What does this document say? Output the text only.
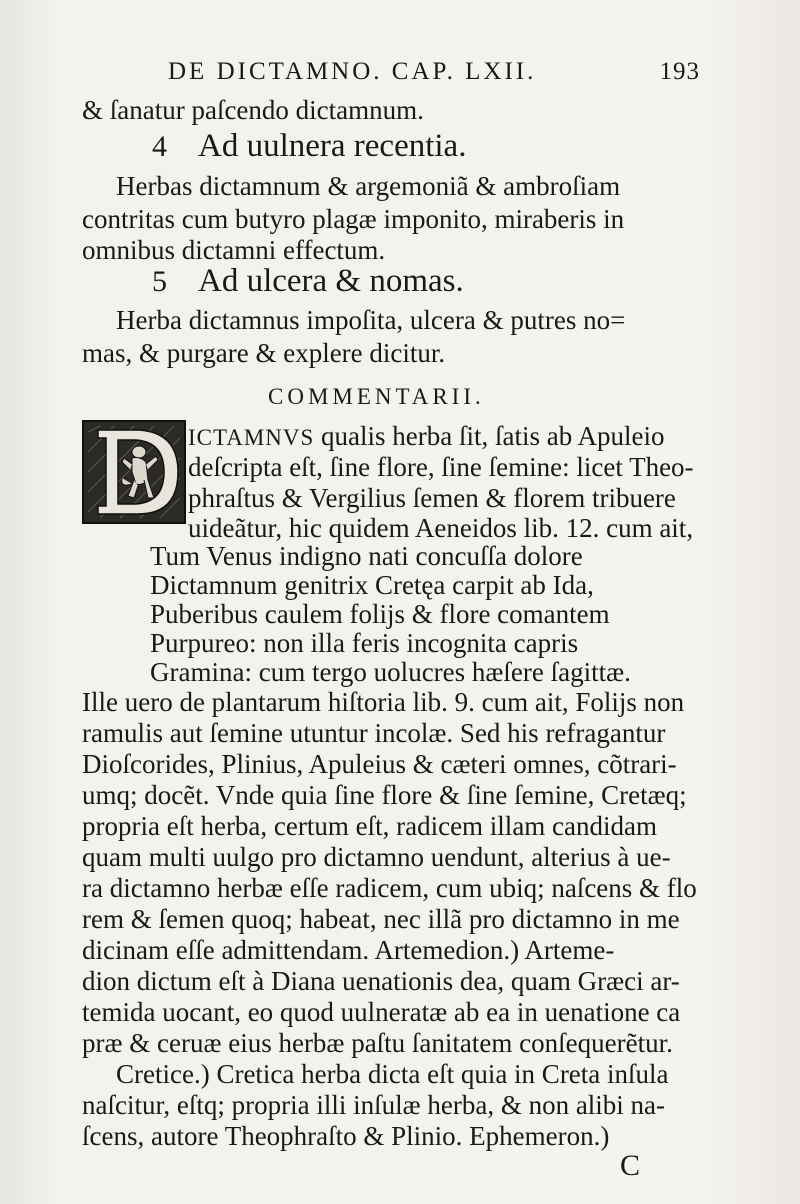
DE DICTAMNO. CAP. LXII.	193
& ſanatur paſcendo dictamnum.
4 Ad uulnera recentia.
Herbas dictamnum & argemoniã & ambroſiam
contritas cum butyro plagæ imponito, miraberis in
omnibus dictamni effectum.
5 Ad ulcera & nomas.
Herba dictamnus impoſita, ulcera & putres no=
mas, & purgare & explere dicitur.
COMMENTARII.
ICTAMNVS qualis herba ſit, ſatis ab Apuleio
deſcripta eſt, ſine flore, ſine ſemine: licet Theo-
phraſtus & Vergilius ſemen & florem tribuere
uideãtur, hic quidem Aeneidos lib. 12. cum ait,
Tum Venus indigno nati concuſſa dolore
Dictamnum genitrix Cretęa carpit ab Ida,
Puberibus caulem folijs & flore comantem
Purpureo: non illa feris incognita capris
Gramina: cum tergo uolucres hæſere ſagittæ.
Ille uero de plantarum hiſtoria lib. 9. cum ait, Folijs non
ramulis aut ſemine utuntur incolæ. Sed his refragantur
Dioſcorides, Plinius, Apuleius & cæteri omnes, cõtrari-
umq; docẽt. Vnde quia ſine flore & ſine ſemine, Cretæq;
propria eſt herba, certum eſt, radicem illam candidam
quam multi uulgo pro dictamno uendunt, alterius à ue-
ra dictamno herbæ eſſe radicem, cum ubiq; naſcens & flo
rem & ſemen quoq; habeat, nec illã pro dictamno in me
dicinam eſſe admittendam. Artemedion.) Arteme-
dion dictum eſt à Diana uenationis dea, quam Græci ar-
temida uocant, eo quod uulneratæ ab ea in uenatione ca
præ & ceruæ eius herbæ paſtu ſanitatem conſequerẽtur.
Cretice.) Cretica herba dicta eſt quia in Creta inſula
naſcitur, eſtq; propria illi inſulæ herba, & non alibi na-
ſcens, autore Theophraſto & Plinio. Ephemeron.)
C
